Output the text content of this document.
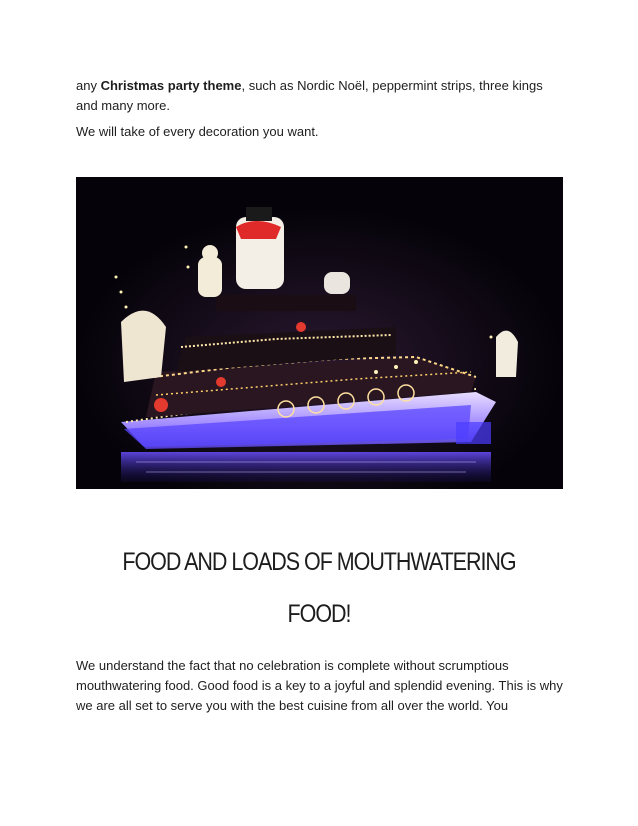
any Christmas party theme, such as Nordic Noël, peppermint strips, three kings and many more.
We will take of every decoration you want.
FOOD AND LOADS OF MOUTHWATERING
FOOD!
We understand the fact that no celebration is complete without scrumptious mouthwatering food. Good food is a key to a joyful and splendid evening. This is why we are all set to serve you with the best cuisine from all over the world. You
